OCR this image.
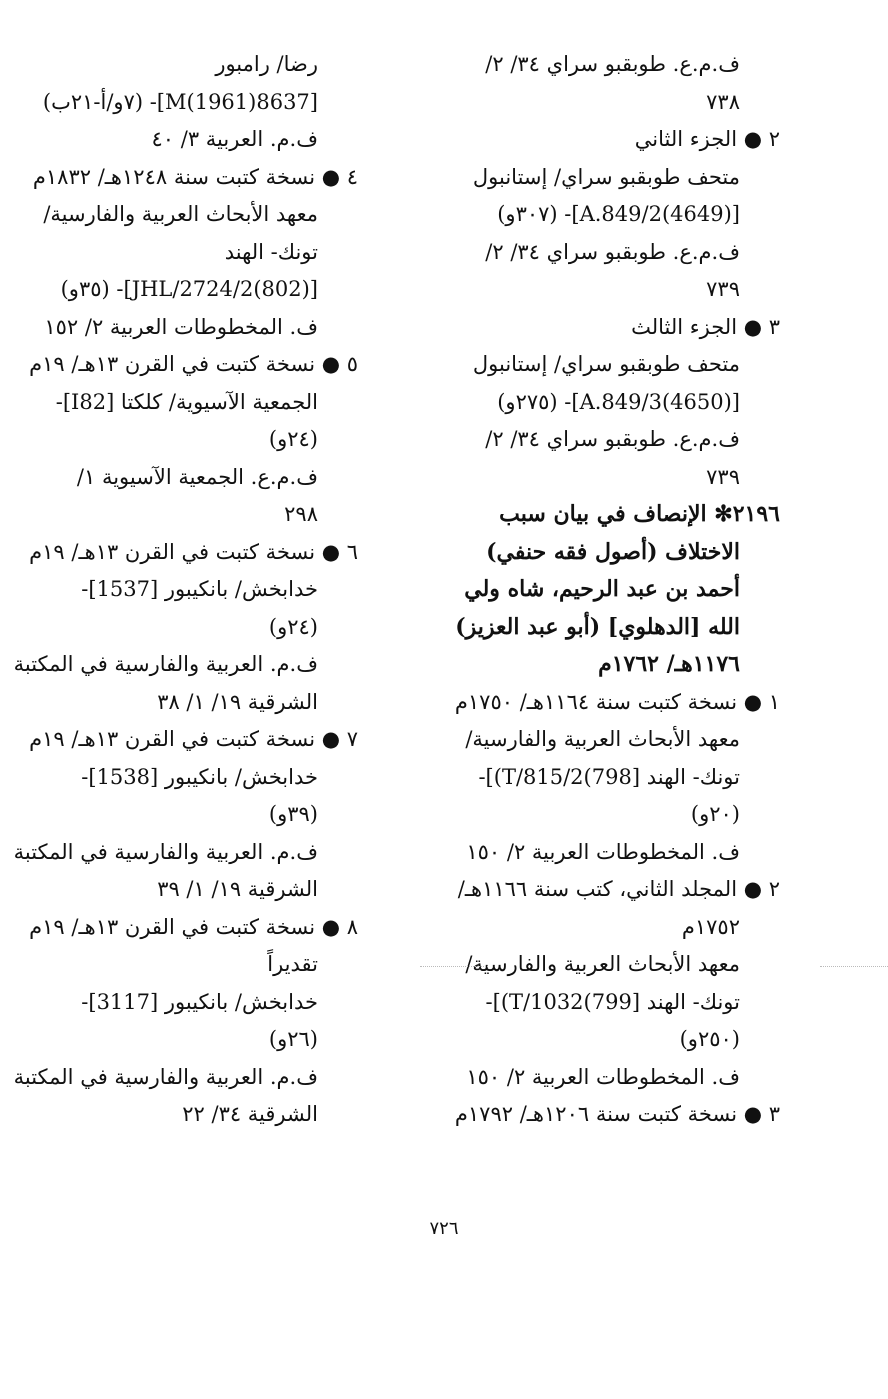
ف.م.ع. طوبقبو سراي ٣٤/ ٢/
٧٣٨
٢ ● الجزء الثاني
متحف طوبقبو سراي/ إستانبول
[A.849/2(4649)]- (٣٠٧و)
ف.م.ع. طوبقبو سراي ٣٤/ ٢/
٧٣٩
٣ ● الجزء الثالث
متحف طوبقبو سراي/ إستانبول
[A.849/3(4650)]- (٢٧٥و)
ف.م.ع. طوبقبو سراي ٣٤/ ٢/
٧٣٩
٢١٩٦✻ الإنصاف في بيان سبب
الاختلاف (أصول فقه حنفي)
أحمد بن عبد الرحيم، شاه ولي
الله [الدهلوي] (أبو عبد العزيز)
١١٧٦هـ/ ١٧٦٢م
١ ● نسخة كتبت سنة ١١٦٤هـ/ ١٧٥٠م
معهد الأبحاث العربية والفارسية/
تونك- الهند [798)T/815/2)]-
(٢٠و)
ف. المخطوطات العربية ٢/ ١٥٠
٢ ● المجلد الثاني، كتب سنة ١١٦٦هـ/
١٧٥٢م
معهد الأبحاث العربية والفارسية/
تونك- الهند [799)T/1032)]-
(٢٥٠و)
ف. المخطوطات العربية ٢/ ١٥٠
٣ ● نسخة كتبت سنة ١٢٠٦هـ/ ١٧٩٢م
رضا/ رامبور
[M(1961)8637]- (٧و/أ-٢١ب)
ف.م. العربية ٣/ ٤٠
٤ ● نسخة كتبت سنة ١٢٤٨هـ/ ١٨٣٢م
معهد الأبحاث العربية والفارسية/
تونك- الهند
[JHL/2724/2(802)]- (٣٥و)
ف. المخطوطات العربية ٢/ ١٥٢
٥ ● نسخة كتبت في القرن ١٣هـ/ ١٩م
الجمعية الآسيوية/ كلكتا [I82]-
(٢٤و)
ف.م.ع. الجمعية الآسيوية ١/
٢٩٨
٦ ● نسخة كتبت في القرن ١٣هـ/ ١٩م
خدابخش/ بانكيبور [1537]-
(٢٤و)
ف.م. العربية والفارسية في المكتبة
الشرقية ١٩/ ١/ ٣٨
٧ ● نسخة كتبت في القرن ١٣هـ/ ١٩م
خدابخش/ بانكيبور [1538]-
(٣٩و)
ف.م. العربية والفارسية في المكتبة
الشرقية ١٩/ ١/ ٣٩
٨ ● نسخة كتبت في القرن ١٣هـ/ ١٩م
تقديراً
خدابخش/ بانكيبور [3117]-
(٢٦و)
ف.م. العربية والفارسية في المكتبة
الشرقية ٣٤/ ٢٢
٧٢٦
